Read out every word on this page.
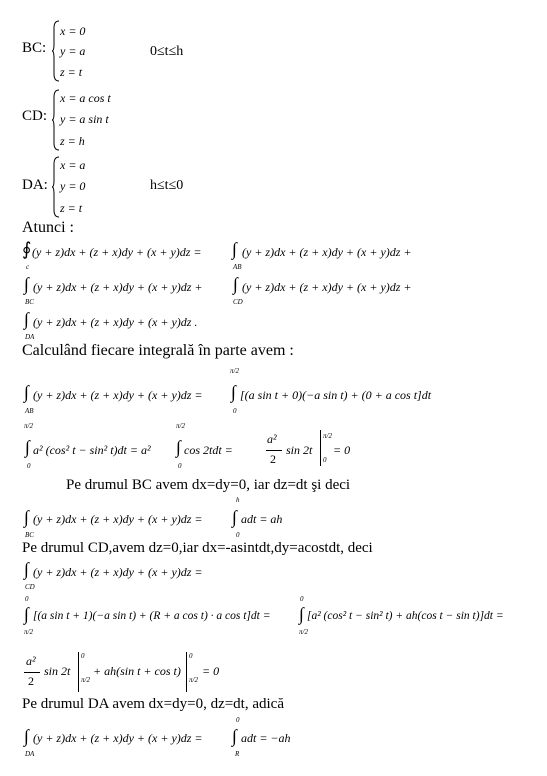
BC:
x = 0
y = a
z = t
0≤t≤h
CD:
x = a cos t
y = a sin t
z = h
DA:
x = a
y = 0
z = t
h≤t≤0
Atunci :
∮
c
(y + z)dx + (z + x)dy + (x + y)dz = ∫
AB
(y + z)dx + (z + x)dy + (x + y)dz +
∫
BC
(y + z)dx + (z + x)dy + (x + y)dz + ∫
CD
(y + z)dx + (z + x)dy + (x + y)dz +
∫
DA
(y + z)dx + (z + x)dy + (x + y)dz .
Calculând fiecare integrală în parte avem :
∫
AB
(y + z)dx + (z + x)dy + (x + y)dz =
π/2
∫
0
[(a sin t + 0)(−a sin t) + (0 + a cos t]dt
π/2
∫
0
a² (cos² t − sin² t)dt = a²
π/2
∫
0
cos 2tdt =
a²
2
sin 2t
π/2
0
= 0
Pe drumul BC avem dx=dy=0, iar dz=dt şi deci
∫
BC
(y + z)dx + (z + x)dy + (x + y)dz =
h
∫
0
adt = ah
Pe drumul CD,avem dz=0,iar dx=-asintdt,dy=acostdt, deci
∫
CD
(y + z)dx + (z + x)dy + (x + y)dz =
0
∫
π/2
[(a sin t + 1)(−a sin t) + (R + a cos t) · a cos t]dt =
0
∫
π/2
[a² (cos² t − sin² t) + ah(cos t − sin t)]dt =
a²
2
sin 2t
0
π/2
+ ah(sin t + cos t)
0
π/2
= 0
Pe drumul DA avem dx=dy=0, dz=dt, adică
∫
DA
(y + z)dx + (z + x)dy + (x + y)dz =
0
∫
R
adt = −ah
